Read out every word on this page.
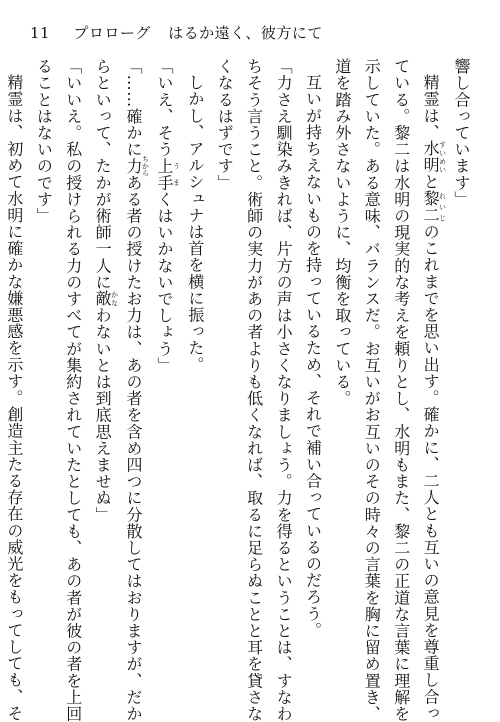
11 プロローグ はるか遠く、彼方にて
響し合っています」
精霊は、水明すいめいと黎二れいじのこれまでを思い出す。確かに、二人とも互いの意見を尊重し合っ
ている。黎二は水明の現実的な考えを頼りとし、水明もまた、黎二の正道な言葉に理解を
示していた。ある意味、バランスだ。お互いがお互いのその時々の言葉を胸に留め置き、
道を踏み外さないように、均衡を取っている。
互いが持ちえないものを持っているため、それで補い合っているのだろう。
「力さえ馴染みきれば、片方の声は小さくなりましょう。力を得るということは、すなわ
ちそう言うこと。術師の実力があの者よりも低くなれば、取るに足らぬことと耳を貸さな
くなるはずです」
しかし、アルシュナは首を横に振った。
「いえ、そう上手うまくはいかないでしょう」
「……確かに力ちからある者の授けたお力は、あの者を含め四つに分散してはおりますが、だか
らといって、たかが術師一人に敵かなわないとは到底思えませぬ」
「いいえ。私の授けられる力のすべてが集約されていたとしても、あの者が彼の者を上回
ることはないのです」
精霊は、初めて水明に確かな嫌悪感を示す。創造主たる存在の威光をもってしても、そ
